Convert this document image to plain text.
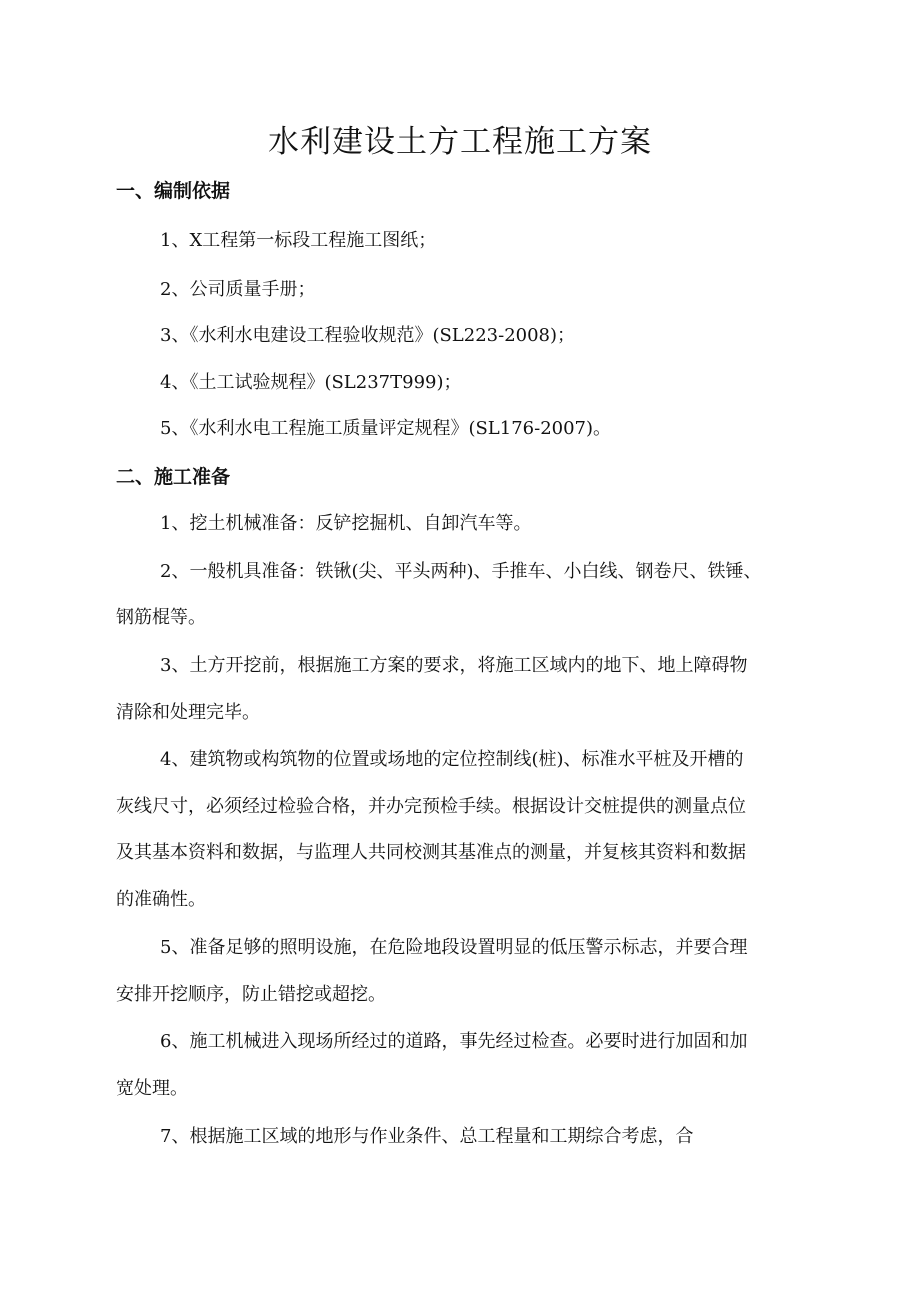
水利建设土方工程施工方案
一、编制依据
1、X工程第一标段工程施工图纸；
2、公司质量手册；
3、《水利水电建设工程验收规范》(SL223-2008)；
4、《土工试验规程》(SL237T999)；
5、《水利水电工程施工质量评定规程》(SL176-2007)。
二、施工准备
1、挖土机械准备：反铲挖掘机、自卸汽车等。
2、一般机具准备：铁锹(尖、平头两种)、手推车、小白线、钢卷尺、铁锤、
钢筋棍等。
3、土方开挖前，根据施工方案的要求，将施工区域内的地下、地上障碍物
清除和处理完毕。
4、建筑物或构筑物的位置或场地的定位控制线(桩)、标准水平桩及开槽的
灰线尺寸，必须经过检验合格，并办完预检手续。根据设计交桩提供的测量点位
及其基本资料和数据，与监理人共同校测其基准点的测量，并复核其资料和数据
的准确性。
5、准备足够的照明设施，在危险地段设置明显的低压警示标志，并要合理
安排开挖顺序，防止错挖或超挖。
6、施工机械进入现场所经过的道路，事先经过检查。必要时进行加固和加
宽处理。
7、根据施工区域的地形与作业条件、总工程量和工期综合考虑，合
